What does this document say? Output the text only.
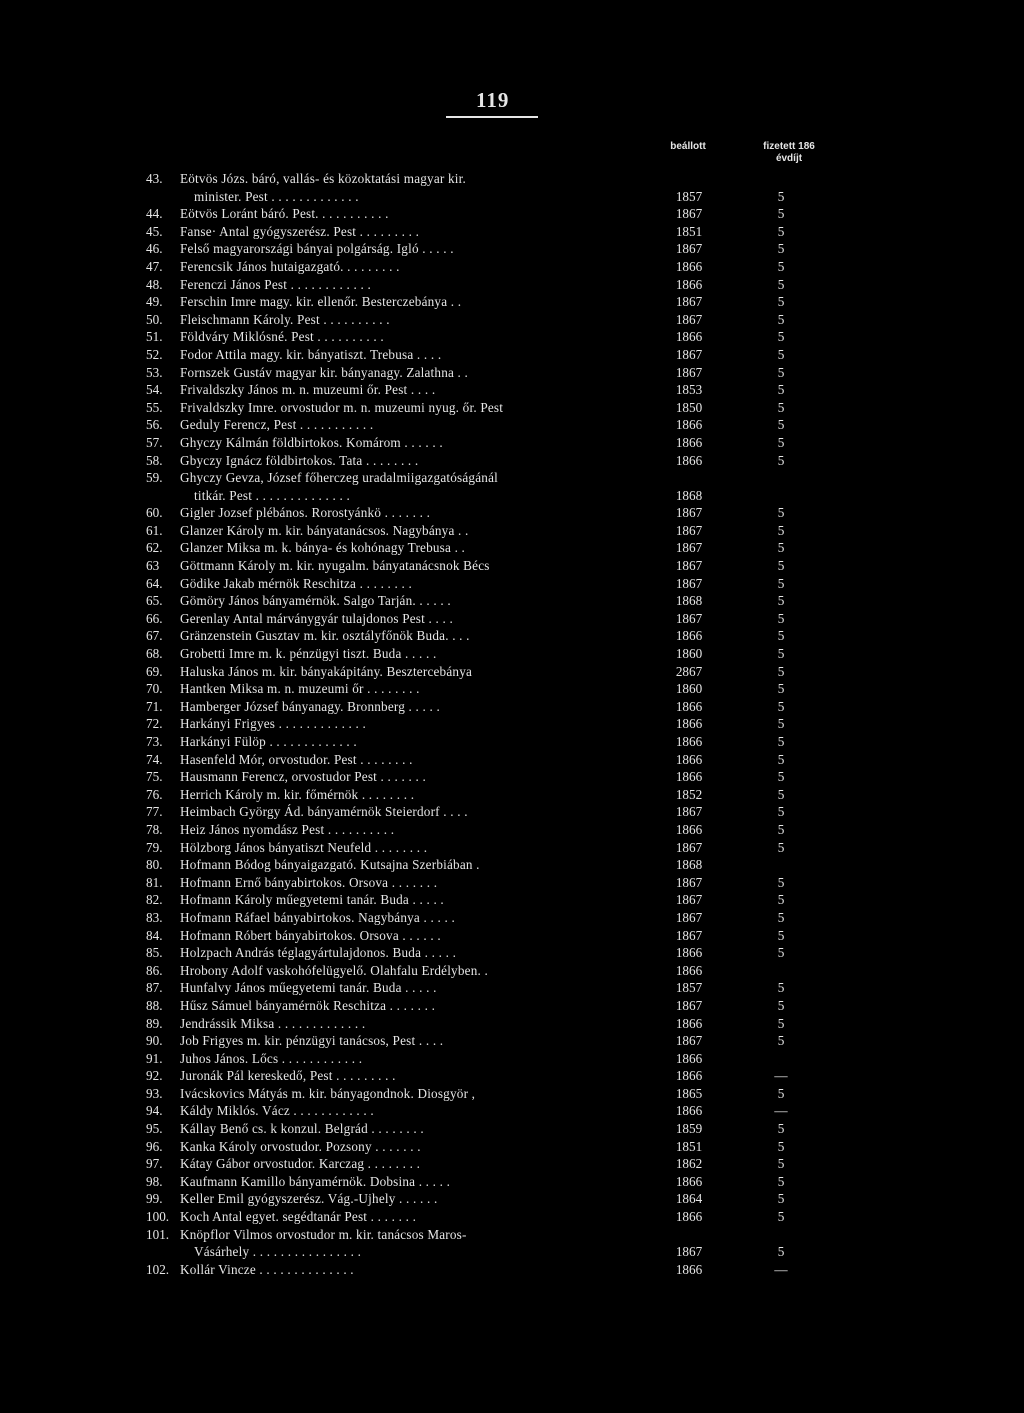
119
beállott	fizetett 186 évdíjt
43.	Eötvös Józs. báró, vallás- és közoktatási magyar kir.
minister. Pest . . . . . . . . . . . . .	1857	5
44.	Eötvös Loránt báró. Pest. . . . . . . . . . .	1867	5
45.	Fanse· Antal gyógyszerész. Pest . . . . . . . . .	1851	5
46.	Felső magyarországi bányai polgárság. Igló . . . . .	1867	5
47.	Ferencsik János hutaigazgató. . . . . . . . .	1866	5
48.	Ferenczi János Pest . . . . . . . . . . . .	1866	5
49.	Ferschin Imre magy. kir. ellenőr. Besterczebánya . .	1867	5
50.	Fleischmann Károly. Pest . . . . . . . . . .	1867	5
51.	Földváry Miklósné. Pest . . . . . . . . . .	1866	5
52.	Fodor Attila magy. kir. bányatiszt. Trebusa . . . .	1867	5
53.	Fornszek Gustáv magyar kir. bányanagy. Zalathna . .	1867	5
54.	Frivaldszky János m. n. muzeumi őr. Pest . . . .	1853	5
55.	Frivaldszky Imre. orvostudor m. n. muzeumi nyug. őr. Pest	1850	5
56.	Geduly Ferencz, Pest . . . . . . . . . . .	1866	5
57.	Ghyczy Kálmán földbirtokos. Komárom . . . . . .	1866	5
58.	Gbyczy Ignácz földbirtokos. Tata . . . . . . . .	1866	5
59.	Ghyczy Gevza, József főherczeg uradalmiigazgatóságánál
titkár. Pest . . . . . . . . . . . . . .	1868
60.	Gigler Jozsef plébános. Rorostyánkö . . . . . . .	1867	5
61.	Glanzer Károly m. kir. bányatanácsos. Nagybánya . .	1867	5
62.	Glanzer Miksa m. k. bánya- és kohónagy Trebusa . .	1867	5
63	Göttmann Károly m. kir. nyugalm. bányatanácsnok Bécs	1867	5
64.	Gödike Jakab mérnök Reschitza . . . . . . . .	1867	5
65.	Gömöry János bányamérnök. Salgo Tarján. . . . . .	1868	5
66.	Gerenlay Antal márványgyár tulajdonos Pest . . . .	1867	5
67.	Gränzenstein Gusztav m. kir. osztályfőnök Buda. . . .	1866	5
68.	Grobetti Imre m. k. pénzügyi tiszt. Buda . . . . .	1860	5
69.	Haluska János m. kir. bányakápitány. Besztercebánya	2867	5
70.	Hantken Miksa m. n. muzeumi őr . . . . . . . .	1860	5
71.	Hamberger József bányanagy. Bronnberg . . . . .	1866	5
72.	Harkányi Frigyes . . . . . . . . . . . . .	1866	5
73.	Harkányi Fülöp . . . . . . . . . . . . .	1866	5
74.	Hasenfeld Mór, orvostudor. Pest . . . . . . . .	1866	5
75.	Hausmann Ferencz, orvostudor Pest . . . . . . .	1866	5
76.	Herrich Károly m. kir. főmérnök . . . . . . . .	1852	5
77.	Heimbach György Ád. bányamérnök Steierdorf . . . .	1867	5
78.	Heiz János nyomdász Pest . . . . . . . . . .	1866	5
79.	Hölzborg János bányatiszt Neufeld . . . . . . . .	1867	5
80.	Hofmann Bódog bányaigazgató. Kutsajna Szerbiában .	1868
81.	Hofmann Ernő bányabirtokos. Orsova . . . . . . .	1867	5
82.	Hofmann Károly műegyetemi tanár. Buda . . . . .	1867	5
83.	Hofmann Ráfael bányabirtokos. Nagybánya . . . . .	1867	5
84.	Hofmann Róbert bányabirtokos. Orsova . . . . . .	1867	5
85.	Holzpach András téglagyártulajdonos. Buda . . . . .	1866	5
86.	Hrobony Adolf vaskohófelügyelő. Olahfalu Erdélyben. .	1866
87.	Hunfalvy János műegyetemi tanár. Buda . . . . .	1857	5
88.	Hűsz Sámuel bányamérnök Reschitza . . . . . . .	1867	5
89.	Jendrássik Miksa . . . . . . . . . . . . .	1866	5
90.	Job Frigyes m. kir. pénzügyi tanácsos, Pest . . . .	1867	5
91.	Juhos János. Lőcs . . . . . . . . . . . .	1866
92.	Juronák Pál kereskedő, Pest . . . . . . . . .	1866	—
93.	Ivácskovics Mátyás m. kir. bányagondnok. Diosgyör ,	1865	5
94.	Káldy Miklós. Vácz . . . . . . . . . . . .	1866	—
95.	Kállay Benő cs. k konzul. Belgrád . . . . . . . .	1859	5
96.	Kanka Károly orvostudor. Pozsony . . . . . . .	1851	5
97.	Kátay Gábor orvostudor. Karczag . . . . . . . .	1862	5
98.	Kaufmann Kamillo bányamérnök. Dobsina . . . . .	1866	5
99.	Keller Emil gyógyszerész. Vág.-Ujhely . . . . . .	1864	5
100. Koch Antal egyet. segédtanár Pest . . . . . . .	1866	5
101. Knöpflor Vilmos orvostudor m. kir. tanácsos Maros-
Vásárhely . . . . . . . . . . . . . . . .	1867	5
102. Kollár Vincze . . . . . . . . . . . . . .	1866	—
